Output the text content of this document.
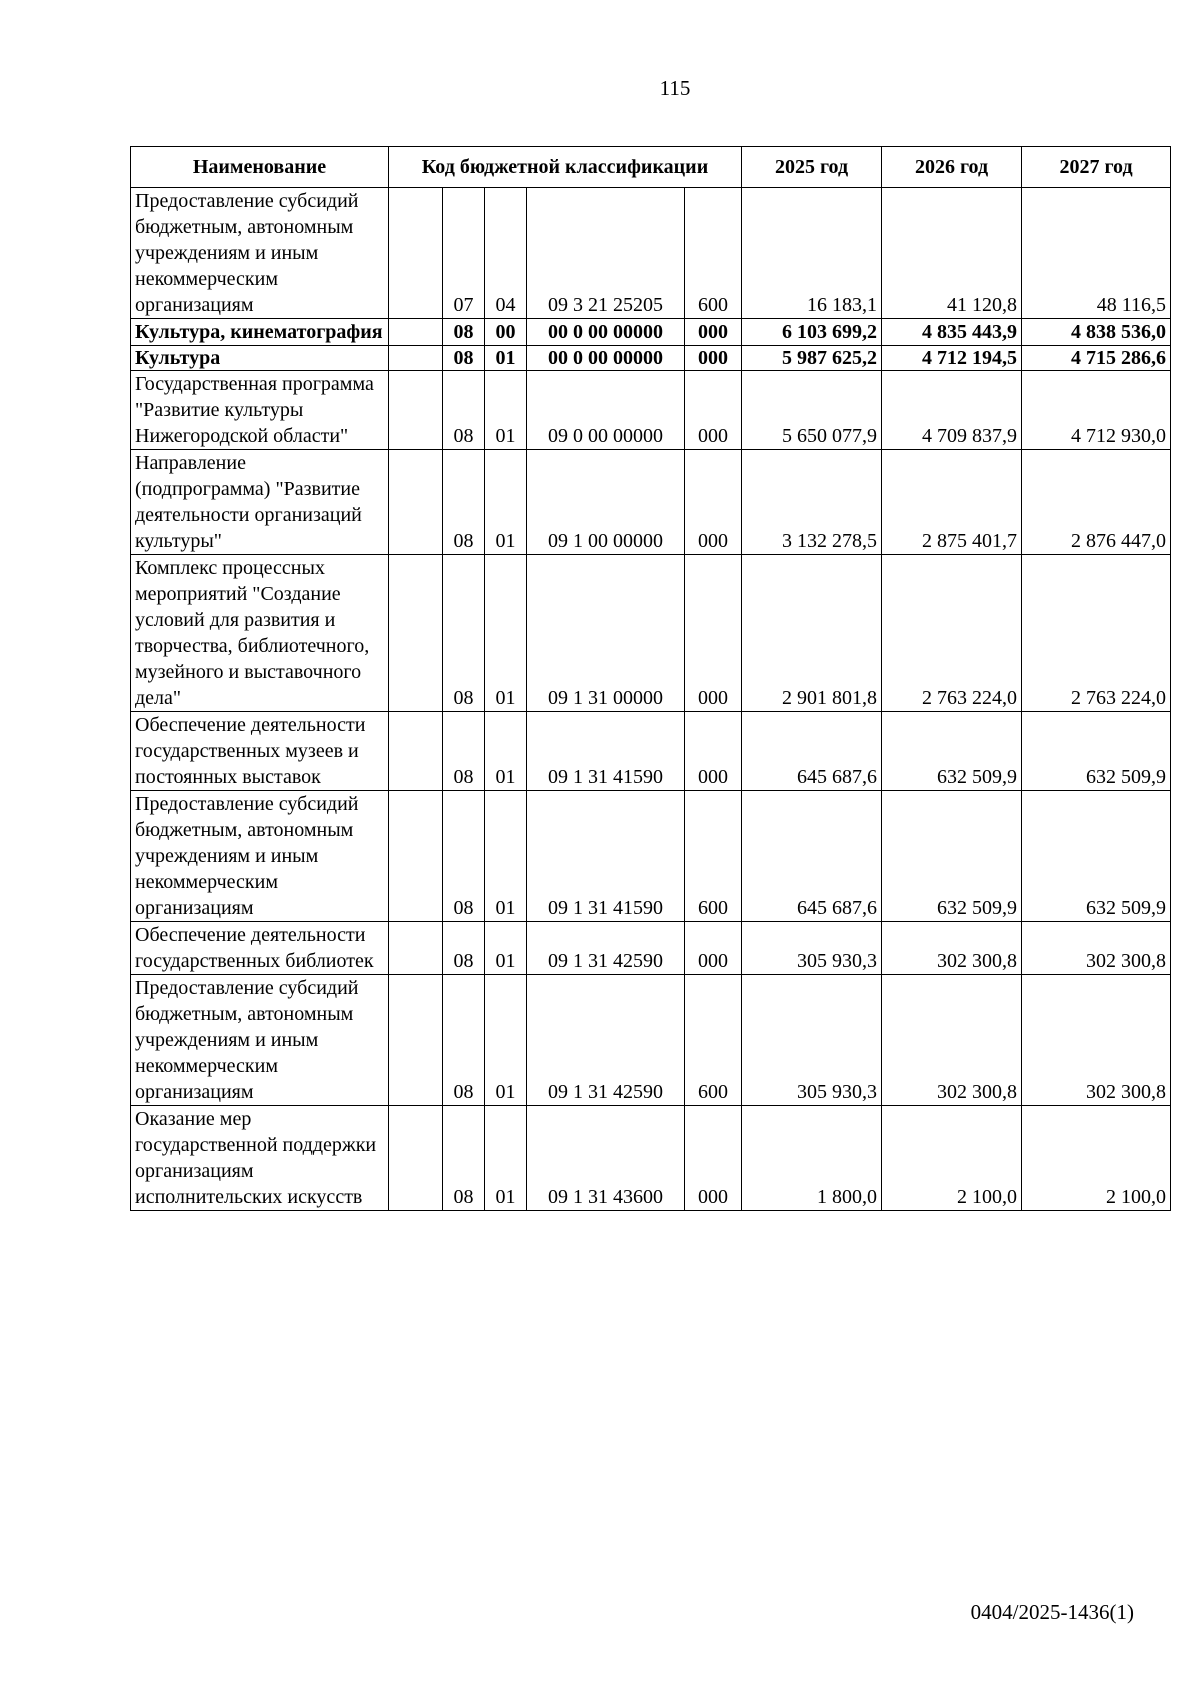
115
Наименование	Код бюджетной классификации					2025 год	2026 год	2027 год
Предоставление субсидий бюджетным, автономным учреждениям и иным некоммерческим организациям		07	04	09 3 21 25205	600	16 183,1	41 120,8	48 116,5
Культура, кинематография		08	00	00 0 00 00000	000	6 103 699,2	4 835 443,9	4 838 536,0
Культура		08	01	00 0 00 00000	000	5 987 625,2	4 712 194,5	4 715 286,6
Государственная программа "Развитие культуры Нижегородской области"		08	01	09 0 00 00000	000	5 650 077,9	4 709 837,9	4 712 930,0
Направление (подпрограмма) "Развитие деятельности организаций культуры"		08	01	09 1 00 00000	000	3 132 278,5	2 875 401,7	2 876 447,0
Комплекс процессных мероприятий "Создание условий для развития и творчества, библиотечного, музейного и выставочного дела"		08	01	09 1 31 00000	000	2 901 801,8	2 763 224,0	2 763 224,0
Обеспечение деятельности государственных музеев и постоянных выставок		08	01	09 1 31 41590	000	645 687,6	632 509,9	632 509,9
Предоставление субсидий бюджетным, автономным учреждениям и иным некоммерческим организациям		08	01	09 1 31 41590	600	645 687,6	632 509,9	632 509,9
Обеспечение деятельности государственных библиотек		08	01	09 1 31 42590	000	305 930,3	302 300,8	302 300,8
Предоставление субсидий бюджетным, автономным учреждениям и иным некоммерческим организациям		08	01	09 1 31 42590	600	305 930,3	302 300,8	302 300,8
Оказание мер государственной поддержки организациям исполнительских искусств		08	01	09 1 31 43600	000	1 800,0	2 100,0	2 100,0
0404/2025-1436(1)
